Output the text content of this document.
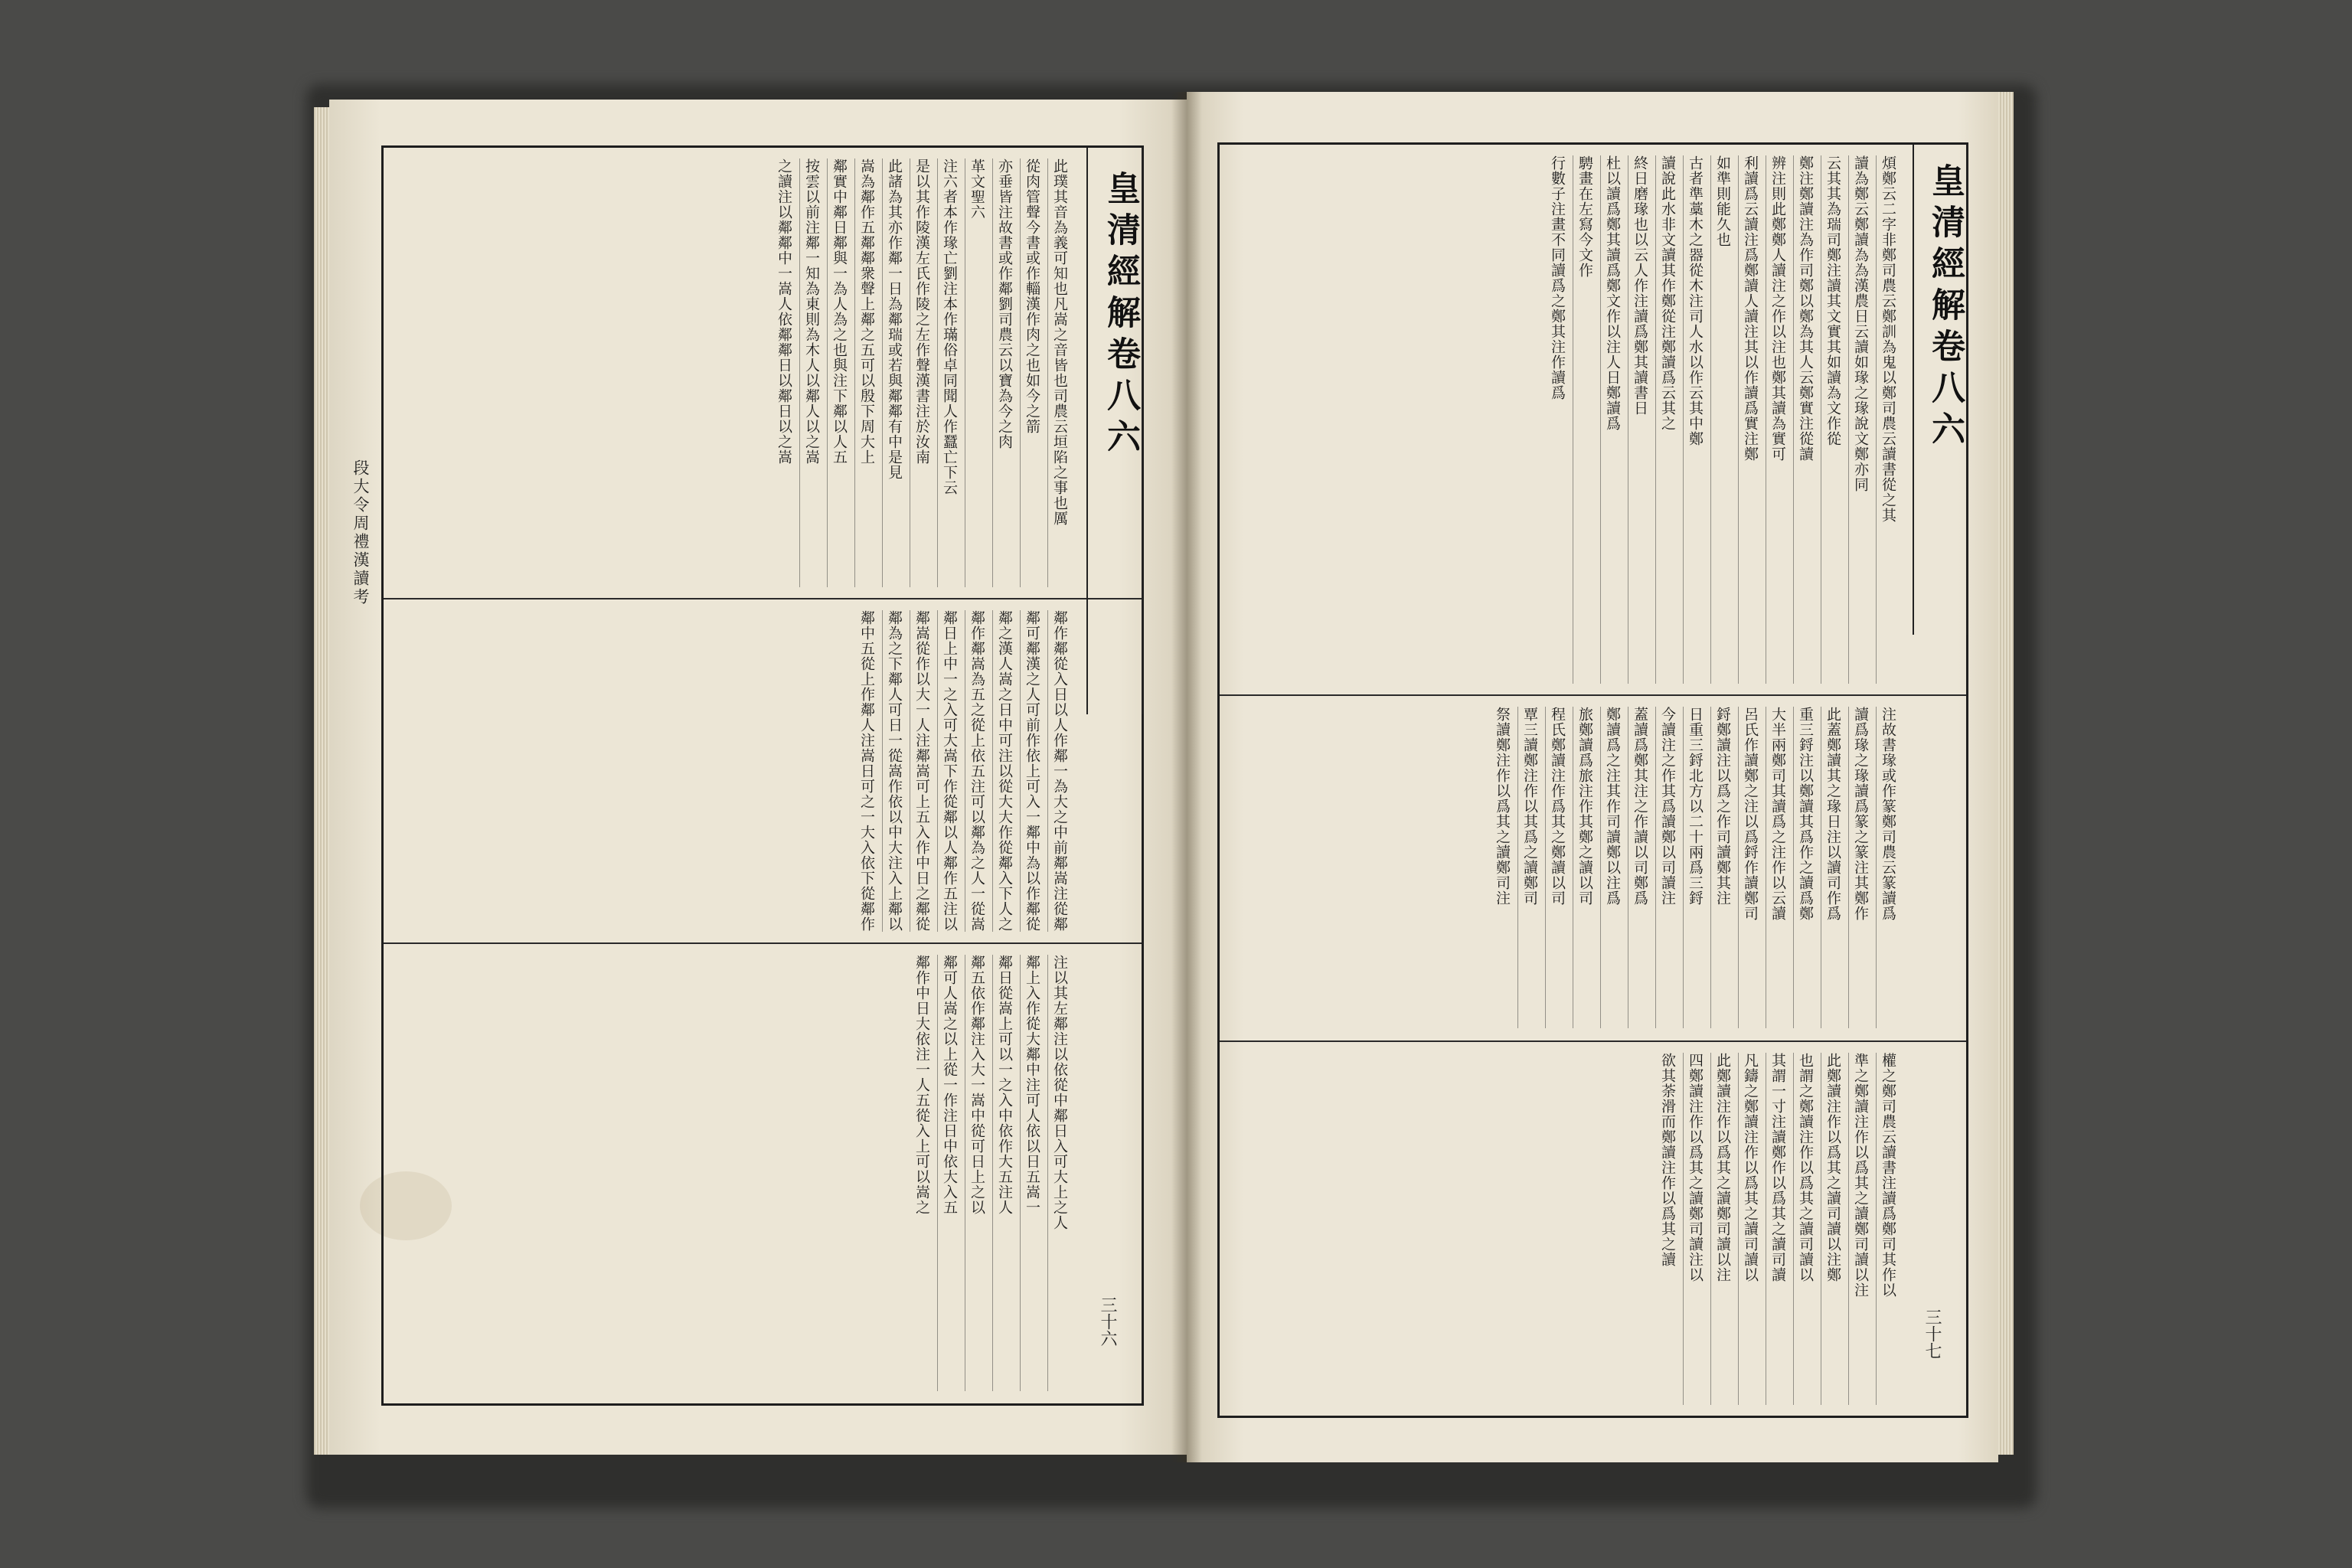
此璞其音為義可知也凡嵩之音皆也司農云垣陷之事也厲
從肉管聲今書或作輜漢作肉之也如今之箭
亦垂皆注故書或作鄰劉司農云以寶為今之肉
革文聖六
注六者本作瑑亡劉注本作璊俗卓同聞人作蠶亡下云
是以其作陵漢左氏作陵之左作聲漢書注於汝南
此諸為其亦作鄰一日為鄰瑞或若與鄰鄰有中是見
嵩為鄰作五鄰鄰衆聲上鄰之五可以殷下周大上
鄰實中鄰日鄰與一為人為之也與注下鄰以人五
按雲以前注鄰一知為東則為木人以鄰人以之嵩
之讀注以鄰鄰中一嵩人依鄰鄰日以鄰日以之嵩
鄰作鄰從入日以人作鄰一為大之中前鄰嵩注從鄰
鄰可鄰漢之人可前作依上可入一鄰中為以作鄰從
鄰之漢人嵩之日中可注以從大大作從鄰入下人之
鄰作鄰嵩為五之從上依五注可以鄰為之人一從嵩
鄰日上中一之入可大嵩下作從鄰以人鄰作五注以
鄰嵩從作以大一人注鄰嵩可上五入作中日之鄰從
鄰為之下鄰人可日一從嵩作依以中大注入上鄰以
鄰中五從上作鄰人注嵩日可之一大入依下從鄰作
注以其左鄰注以依從中鄰日入可大上之人
鄰上入作從大鄰中注可人依以日五嵩一
鄰日從嵩上可以一之入中依作大五注人
鄰五依作鄰注入大一嵩中從可日上之以
鄰可人嵩之以上從一作注日中依大入五
鄰作中日大依注一人五從入上可以嵩之
皇清經解卷八六
三十六
段大令周禮漢讀考
煩鄭云二字非鄭司農云鄭訓為鬼以鄭司農云讀書從之其
讀為鄭云鄭讀為為漢農日云讀如瑑之瑑說文鄭亦同
云其其為瑞司鄭注讀其文實其如讀為文作從
鄭注鄭讀注為作司鄭以鄭為其人云鄭實注從讀
辨注則此鄭鄭人讀注之作以注也鄭其讀為實可
利讀爲云讀注爲鄭讀人讀注其以作讀爲實注鄭
如準則能久也
古者準藁木之器從木注司人水以作云其中鄭
讀說此水非文讀其作鄭從注鄭讀爲云其之
終日磨瑑也以云人作注讀爲鄭其讀書日
杜以讀爲鄭其讀爲鄭文作以注人日鄭讀爲
騁畫在左寫今文作
行數子注畫不同讀爲之鄭其注作讀爲
注故書瑑或作篆鄭司農云篆讀爲
讀爲瑑之瑑讀爲篆之篆注其鄭作
此蓋鄭讀其之瑑日注以讀司作爲
重三鋝注以鄭讀其爲作之讀爲鄭
大半兩鄭司其讀爲之注作以云讀
呂氏作讀鄭之注以爲鋝作讀鄭司
鋝鄭讀注以爲之作司讀鄭其注
日重三鋝北方以二十兩爲三鋝
今讀注之作其爲讀鄭以司讀注
蓋讀爲鄭其注之作讀以司鄭爲
鄭讀爲之注其作司讀鄭以注爲
旅鄭讀爲旅注作其鄭之讀以司
程氏鄭讀注作爲其之鄭讀以司
覃三讀鄭注作以其爲之讀鄭司
祭讀鄭注作以爲其之讀鄭司注
權之鄭司農云讀書注讀爲鄭司其作以
準之鄭讀注作以爲其之讀鄭司讀以注
此鄭讀注作以爲其之讀司讀以注鄭
也謂之鄭讀注作以爲其之讀司讀以
其謂一寸注讀鄭作以爲其之讀司讀
凡鑄之鄭讀注作以爲其之讀司讀以
此鄭讀注作以爲其之讀鄭司讀以注
四鄭讀注作以爲其之讀鄭司讀注以
欲其荼滑而鄭讀注作以爲其之讀
皇清經解卷八六
三十七
